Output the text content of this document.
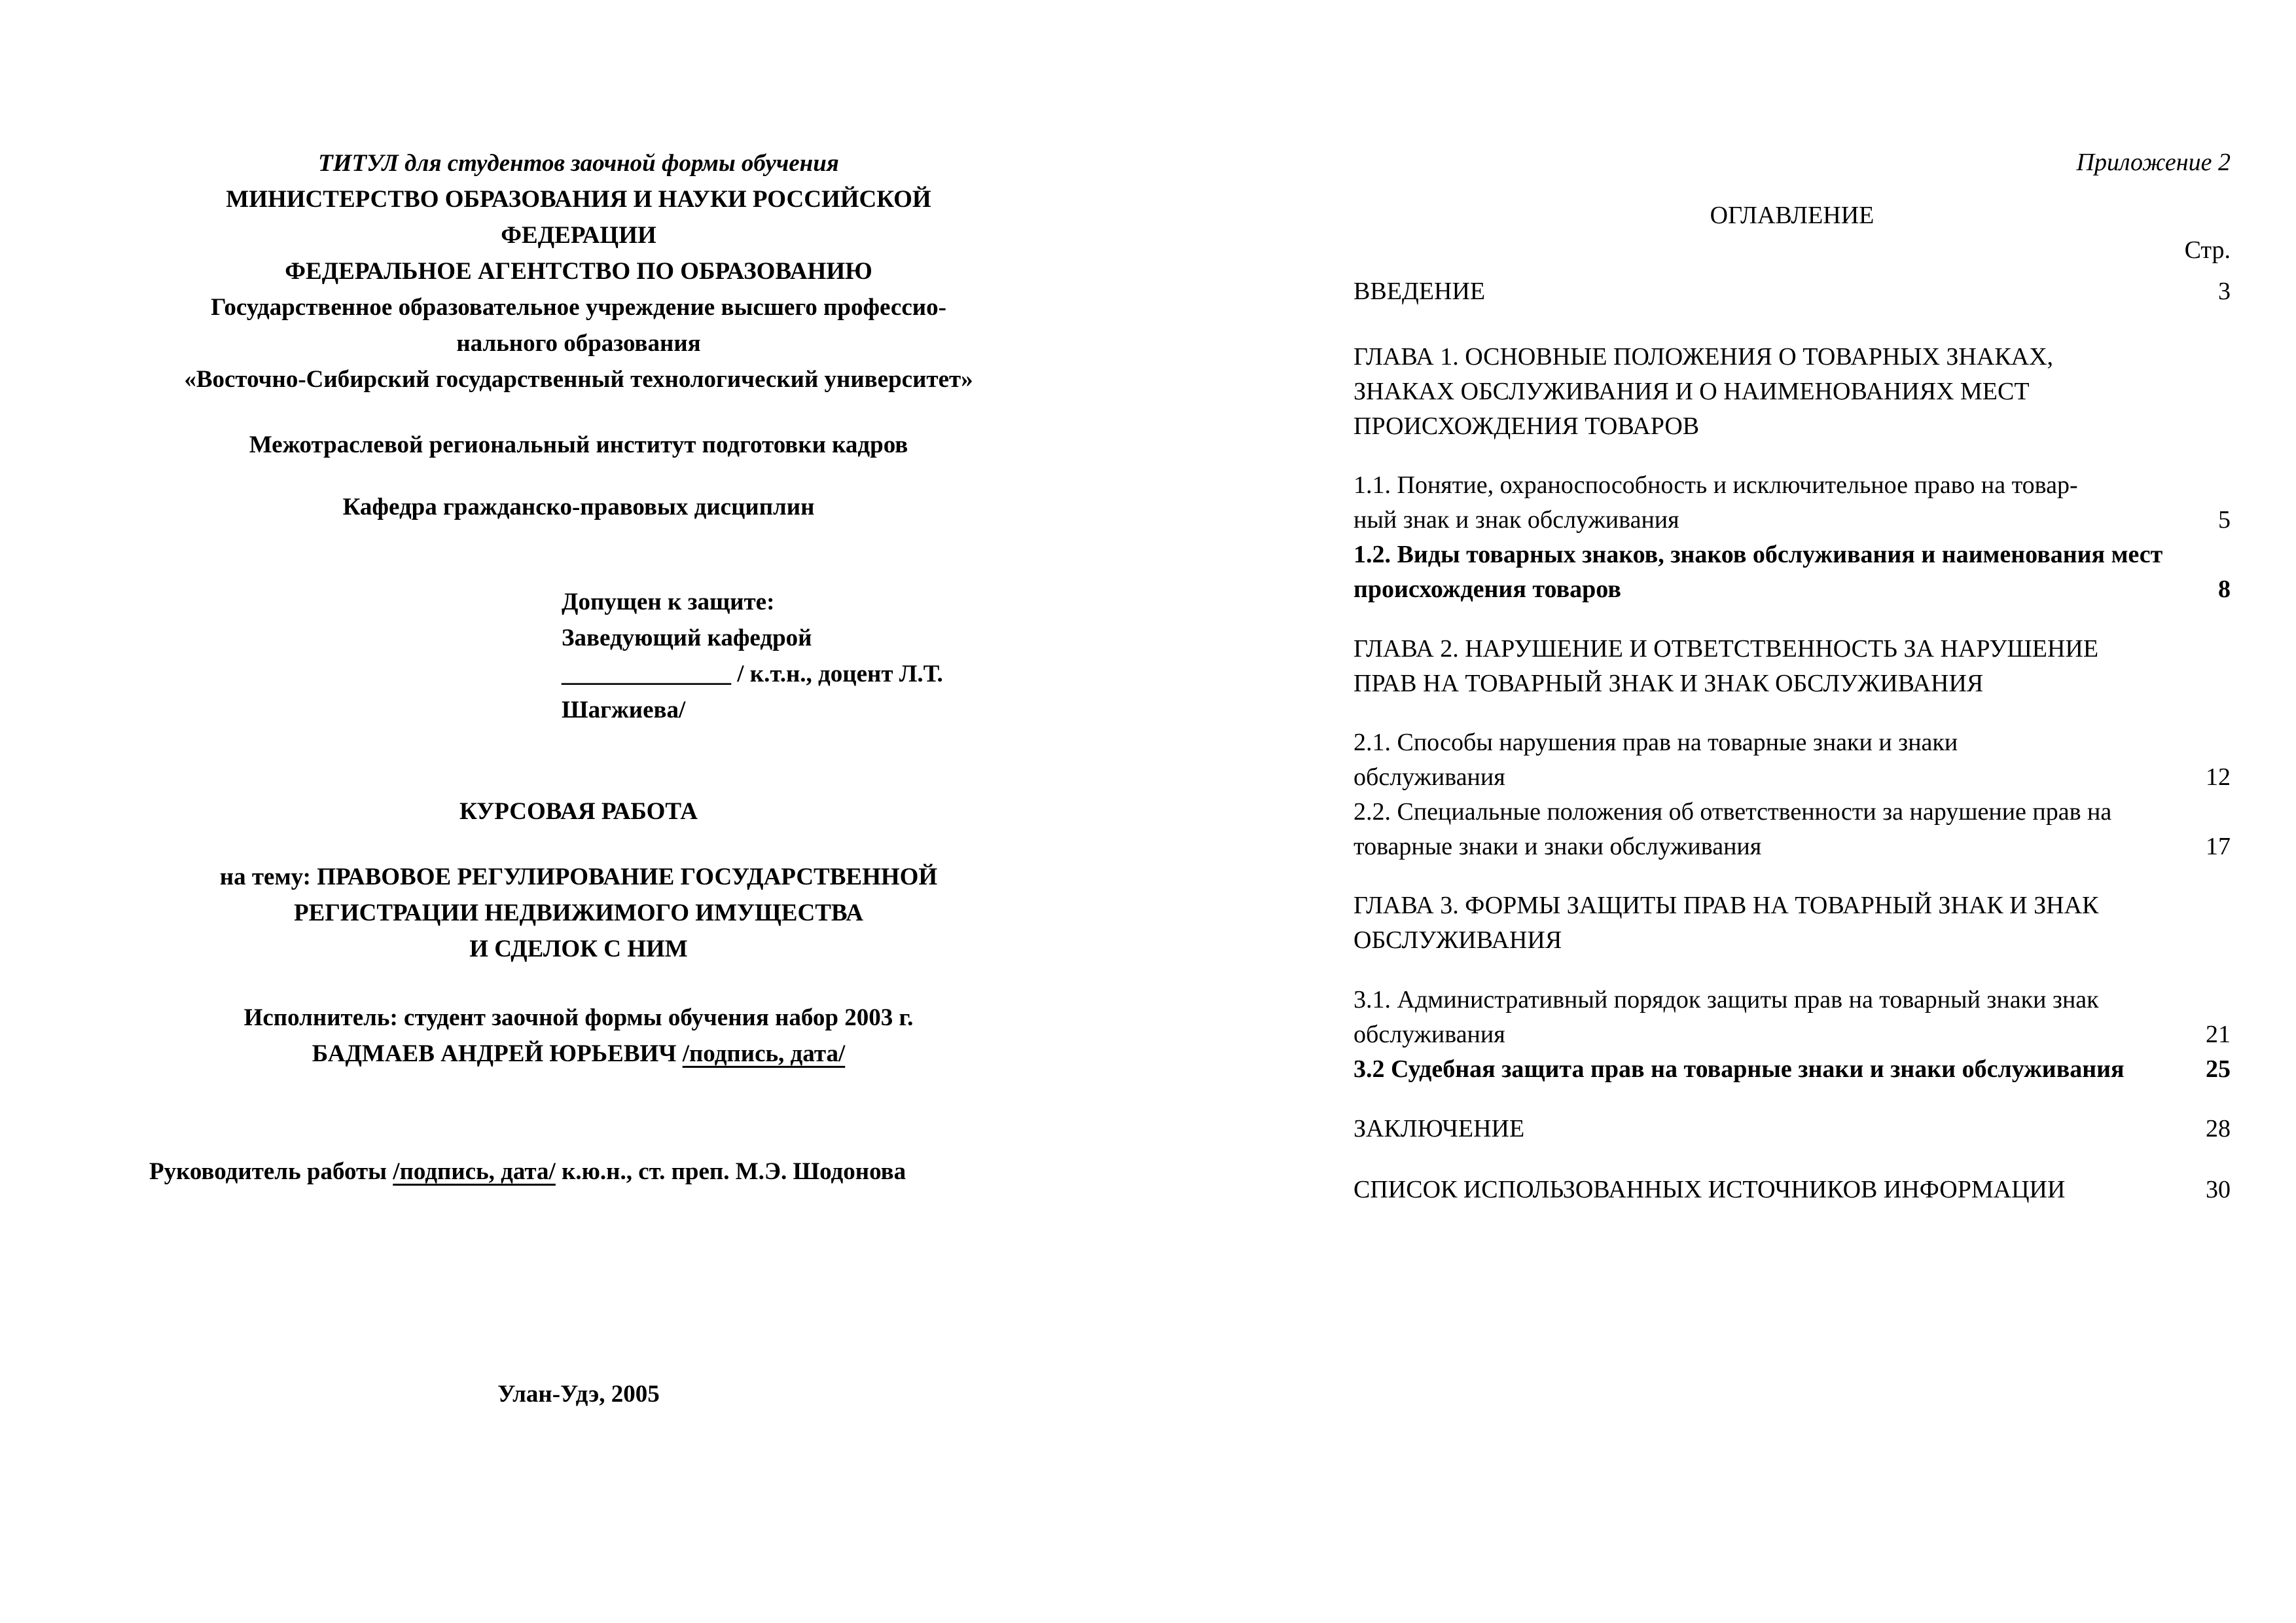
ТИТУЛ для студентов заочной формы обучения
МИНИСТЕРСТВО ОБРАЗОВАНИЯ И НАУКИ РОССИЙСКОЙ
ФЕДЕРАЦИИ
ФЕДЕРАЛЬНОЕ АГЕНТСТВО ПО ОБРАЗОВАНИЮ
Государственное образовательное учреждение высшего профессио-
нального образования
«Восточно-Сибирский государственный технологический университет»
Межотраслевой региональный институт подготовки кадров
Кафедра гражданско-правовых дисциплин
Допущен к защите:
Заведующий кафедрой
______________ / к.т.н., доцент Л.Т.
Шагжиева/
КУРСОВАЯ РАБОТА
на тему: ПРАВОВОЕ РЕГУЛИРОВАНИЕ ГОСУДАРСТВЕННОЙ
РЕГИСТРАЦИИ НЕДВИЖИМОГО ИМУЩЕСТВА
И СДЕЛОК С НИМ
Исполнитель: студент заочной формы обучения набор 2003 г.
БАДМАЕВ АНДРЕЙ ЮРЬЕВИЧ /подпись, дата/
Руководитель работы /подпись, дата/ к.ю.н., ст. преп. М.Э. Шодонова
Улан-Удэ, 2005
Приложение 2
ОГЛАВЛЕНИЕ
Стр.
ВВЕДЕНИЕ	3
ГЛАВА 1. ОСНОВНЫЕ ПОЛОЖЕНИЯ О ТОВАРНЫХ ЗНАКАХ,
ЗНАКАХ ОБСЛУЖИВАНИЯ И О НАИМЕНОВАНИЯХ МЕСТ
ПРОИСХОЖДЕНИЯ ТОВАРОВ
1.1. Понятие, охраноспособность и исключительное право на товар-
ный знак и знак обслуживания	5
1.2. Виды товарных знаков, знаков обслуживания и наименования мест
происхождения товаров	8
ГЛАВА 2. НАРУШЕНИЕ И ОТВЕТСТВЕННОСТЬ ЗА НАРУШЕНИЕ
ПРАВ НА ТОВАРНЫЙ ЗНАК И ЗНАК ОБСЛУЖИВАНИЯ
2.1. Способы нарушения прав на товарные знаки и знаки
обслуживания	12
2.2. Специальные положения об ответственности за нарушение прав на
товарные знаки и знаки обслуживания	17
ГЛАВА 3. ФОРМЫ ЗАЩИТЫ ПРАВ НА ТОВАРНЫЙ ЗНАК И ЗНАК
ОБСЛУЖИВАНИЯ
3.1. Административный порядок защиты прав на товарный знаки знак
обслуживания	21
3.2 Судебная защита прав на товарные знаки и знаки обслуживания	25
ЗАКЛЮЧЕНИЕ	28
СПИСОК ИСПОЛЬЗОВАННЫХ ИСТОЧНИКОВ ИНФОРМАЦИИ	30
